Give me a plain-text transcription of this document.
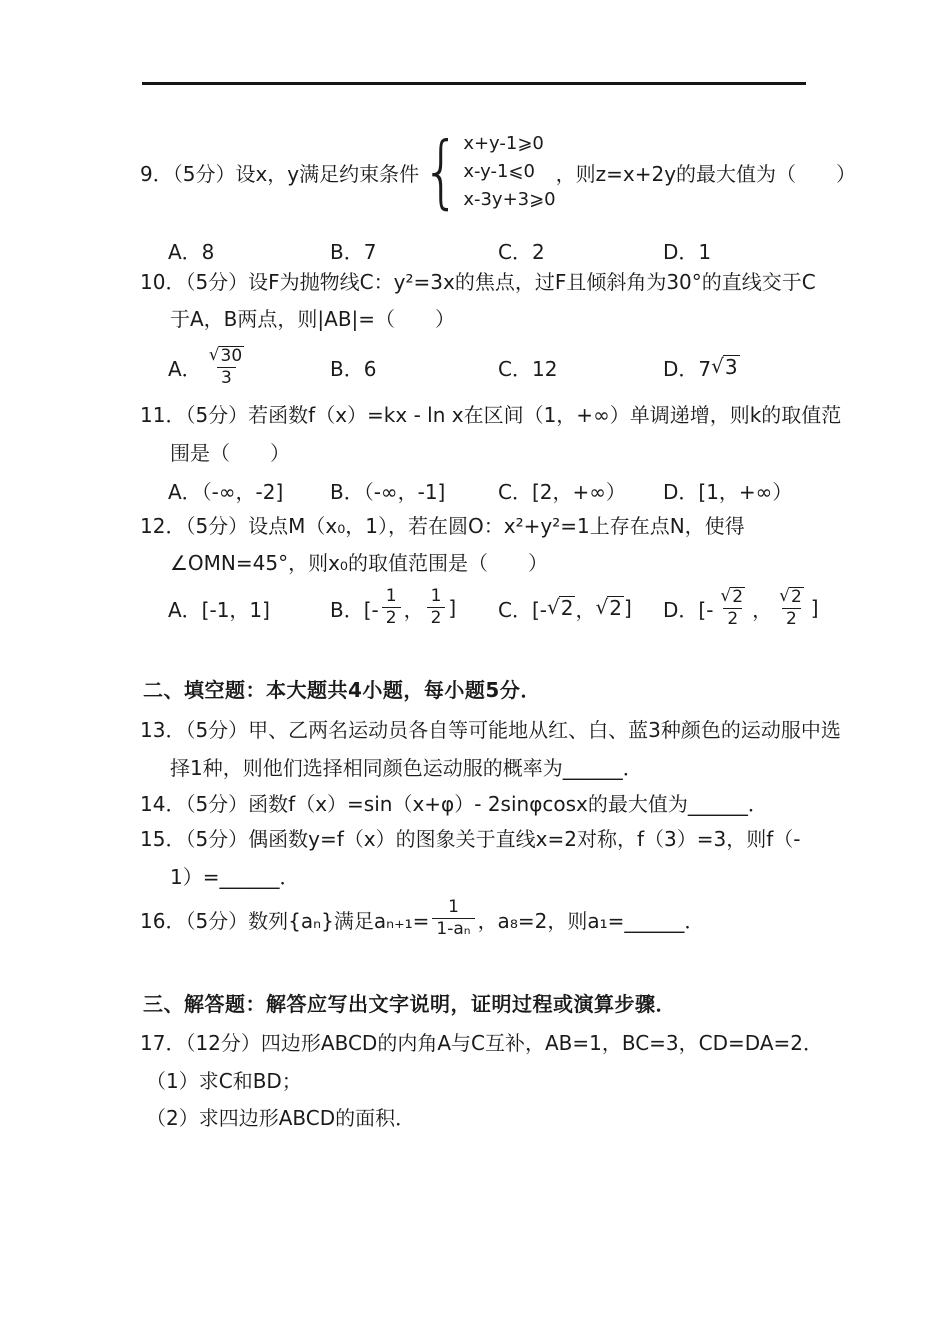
9．（5分）设x，y满足约束条件 { x+y-1⩾0
x-y-1⩽0
x-3y+3⩾0
，则z=x+2y的最大值为（　　）
A．8	B．7	C．2	D．1
10．（5分）设F为抛物线C：y²=3x的焦点，过F且倾斜角为30°的直线交于C
于A，B两点，则|AB|=（　　）
A． $\frac{√ 30}{3}$	B．6	C．12	D．7 √ 3
11．（5分）若函数f（x）=kx - ln x在区间（1，+∞）单调递增，则k的取值范
围是（　　）
A．（-∞，-2]	B．（-∞，-1]	C．[2，+∞）	D．[1，+∞）
12．（5分）设点M（x₀，1），若在圆O：x²+y²=1上存在点N，使得
∠OMN=45°，则x₀的取值范围是（　　）
A．[-1，1]	B．[- $\frac{1}{2}$ ， $\frac{1}{2}$ ] C．[- √ 2 ， √ 2 ] D．[- $\frac{√ 2}{2}$ ， $\frac{√ 2}{2}$ ]
二、填空题：本大题共4小题，每小题5分．
13．（5分）甲、乙两名运动员各自等可能地从红、白、蓝3种颜色的运动服中选
择1种，则他们选择相同颜色运动服的概率为______．
14．（5分）函数f（x）=sin（x+φ）- 2sinφcosx的最大值为______．
15．（5分）偶函数y=f（x）的图象关于直线x=2对称，f（3）=3，则f（-
1）=______．
16．（5分）数列{aₙ}满足$a_{n+1}= \frac{1}{\text{1-aₙ}}$ ，a₈=2，则a₁=______．
三、解答题：解答应写出文字说明，证明过程或演算步骤．
17．（12分）四边形ABCD的内角A与C互补，AB=1，BC=3，CD=DA=2．
（1）求C和BD；
（2）求四边形ABCD的面积．
